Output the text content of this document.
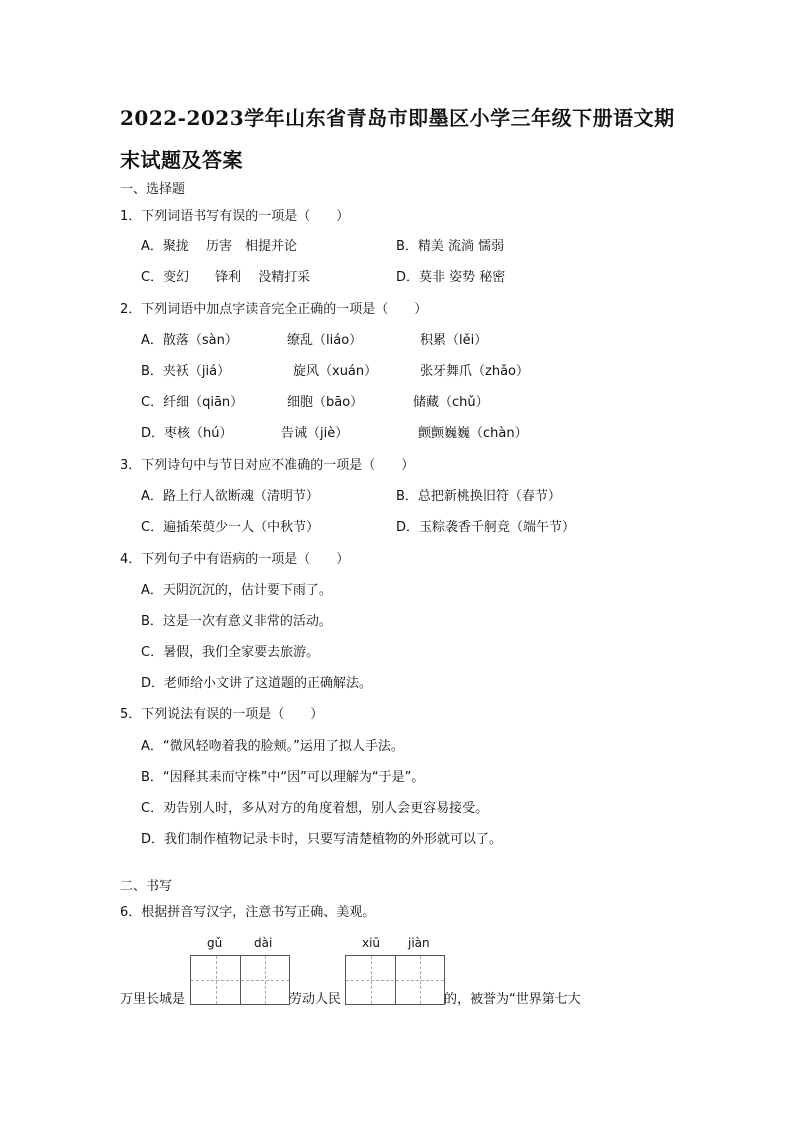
2022-2023学年山东省青岛市即墨区小学三年级下册语文期
末试题及答案
一、选择题
1．下列词语书写有误的一项是（　　）
A．聚拢　 历害　相提并论	B．精美 流淌 懦弱
C．变幻　　锋利　 没精打采	D．莫非 姿势 秘密
2．下列词语中加点字读音完全正确的一项是（　　）
A．散落（sàn）	缭乱（liáo）	积累（lěi）
B．夹袄（jiá）	旋风（xuán）	张牙舞爪（zhǎo）
C．纤细（qiān）	细胞（bāo）	储藏（chǔ）
D．枣核（hú）	告诫（jiè）	颤颤巍巍（chàn）
3．下列诗句中与节日对应不准确的一项是（　　）
A．路上行人欲断魂（清明节）	B．总把新桃换旧符（春节）
C．遍插茱萸少一人（中秋节）	D．玉粽袭香千舸竞（端午节）
4．下列句子中有语病的一项是（　　）
A．天阴沉沉的，估计要下雨了。
B．这是一次有意义非常的活动。
C．暑假，我们全家要去旅游。
D．老师给小文讲了这道题的正确解法。
5．下列说法有误的一项是（　　）
A．“微风轻吻着我的脸颊。”运用了拟人手法。
B．“因释其耒而守株”中“因”可以理解为“于是”。
C．劝告别人时，多从对方的角度着想，别人会更容易接受。
D．我们制作植物记录卡时，只要写清楚植物的外形就可以了。
二、书写
6．根据拼音写汉字，注意书写正确、美观。
gǔ	dài	xiū jiàn
万里长城是	劳动人民	的，被誉为“世界第七大
